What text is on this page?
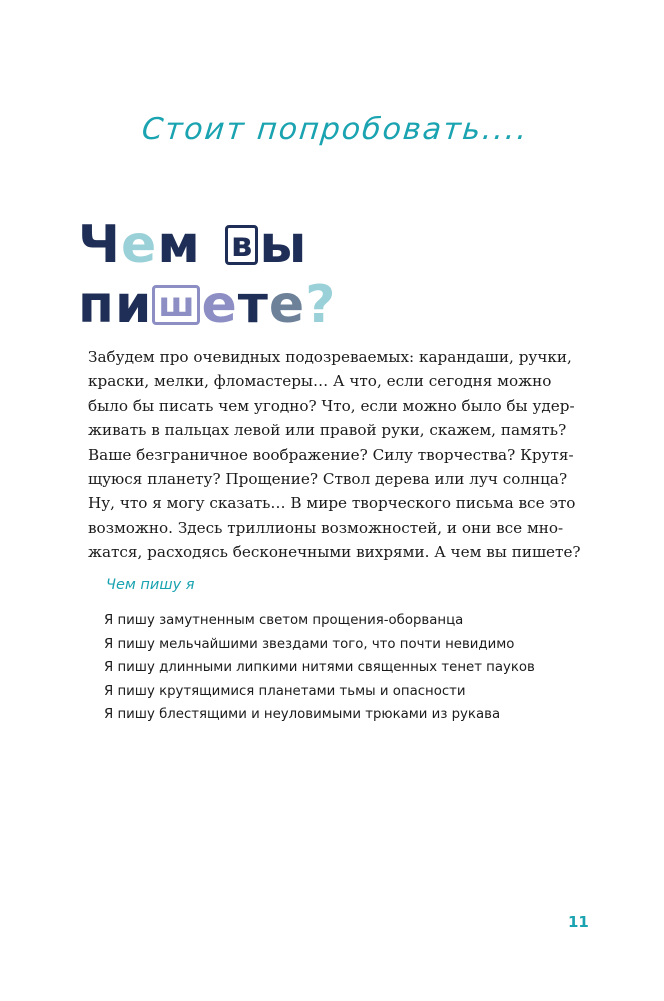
Стоит попробовать....
Ч е м в ы
п и ш е т е ?

Забудем про очевидных подозреваемых: карандаши, ручки,

краски, мелки, фломастеры… А что, если сегодня можно

было бы писать чем угодно? Что, если можно было бы удер-

живать в пальцах левой или правой руки, скажем, память?

Ваше безграничное воображение? Силу творчества? Крутя-

щуюся планету? Прощение? Ствол дерева или луч солнца?

Ну, что я могу сказать… В мире творческого письма все это

возможно. Здесь триллионы возможностей, и они все мно-

жатся, расходясь бесконечными вихрями. А чем вы пишете?

Чем пишу я
Я пишу замутненным светом прощения-оборванца
Я пишу мельчайшими звездами того, что почти невидимо
Я пишу длинными липкими нитями священных тенет пауков
Я пишу крутящимися планетами тьмы и опасности
Я пишу блестящими и неуловимыми трюками из рукава
11
